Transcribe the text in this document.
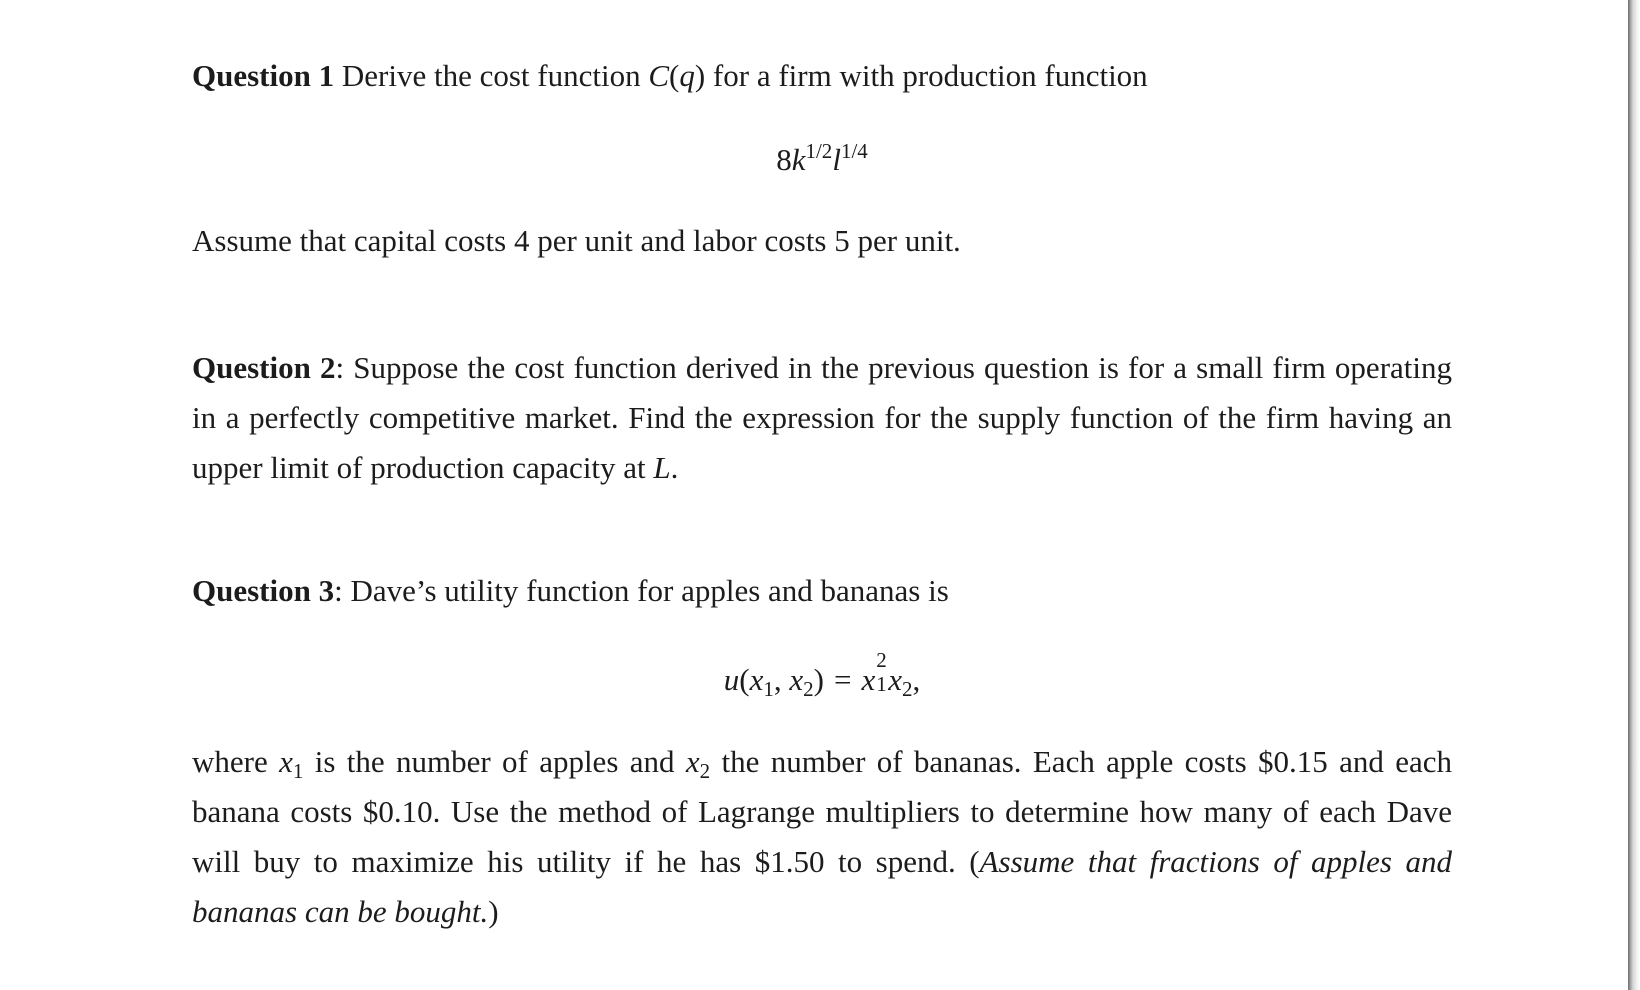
Question 1 Derive the cost function C(q) for a firm with production function

$8k^{1/2}l^{1/4}$

Assume that capital costs 4 per unit and labor costs 5 per unit.

Question 2: Suppose the cost function derived in the previous question is for a small firm operating in a perfectly competitive market. Find the expression for the supply function of the firm having an upper limit of production capacity at L.

Question 3: Dave’s utility function for apples and bananas is

$u(x_1$, $x_2) = x$
2
1 $x_2$,

where $x_1$ is the number of apples and $x_2$ the number of bananas. Each apple costs $0.15 and each banana costs $0.10. Use the method of Lagrange multipliers to determine how many of each Dave will buy to maximize his utility if he has $1.50 to spend. (Assume that fractions of apples and bananas can be bought.)
